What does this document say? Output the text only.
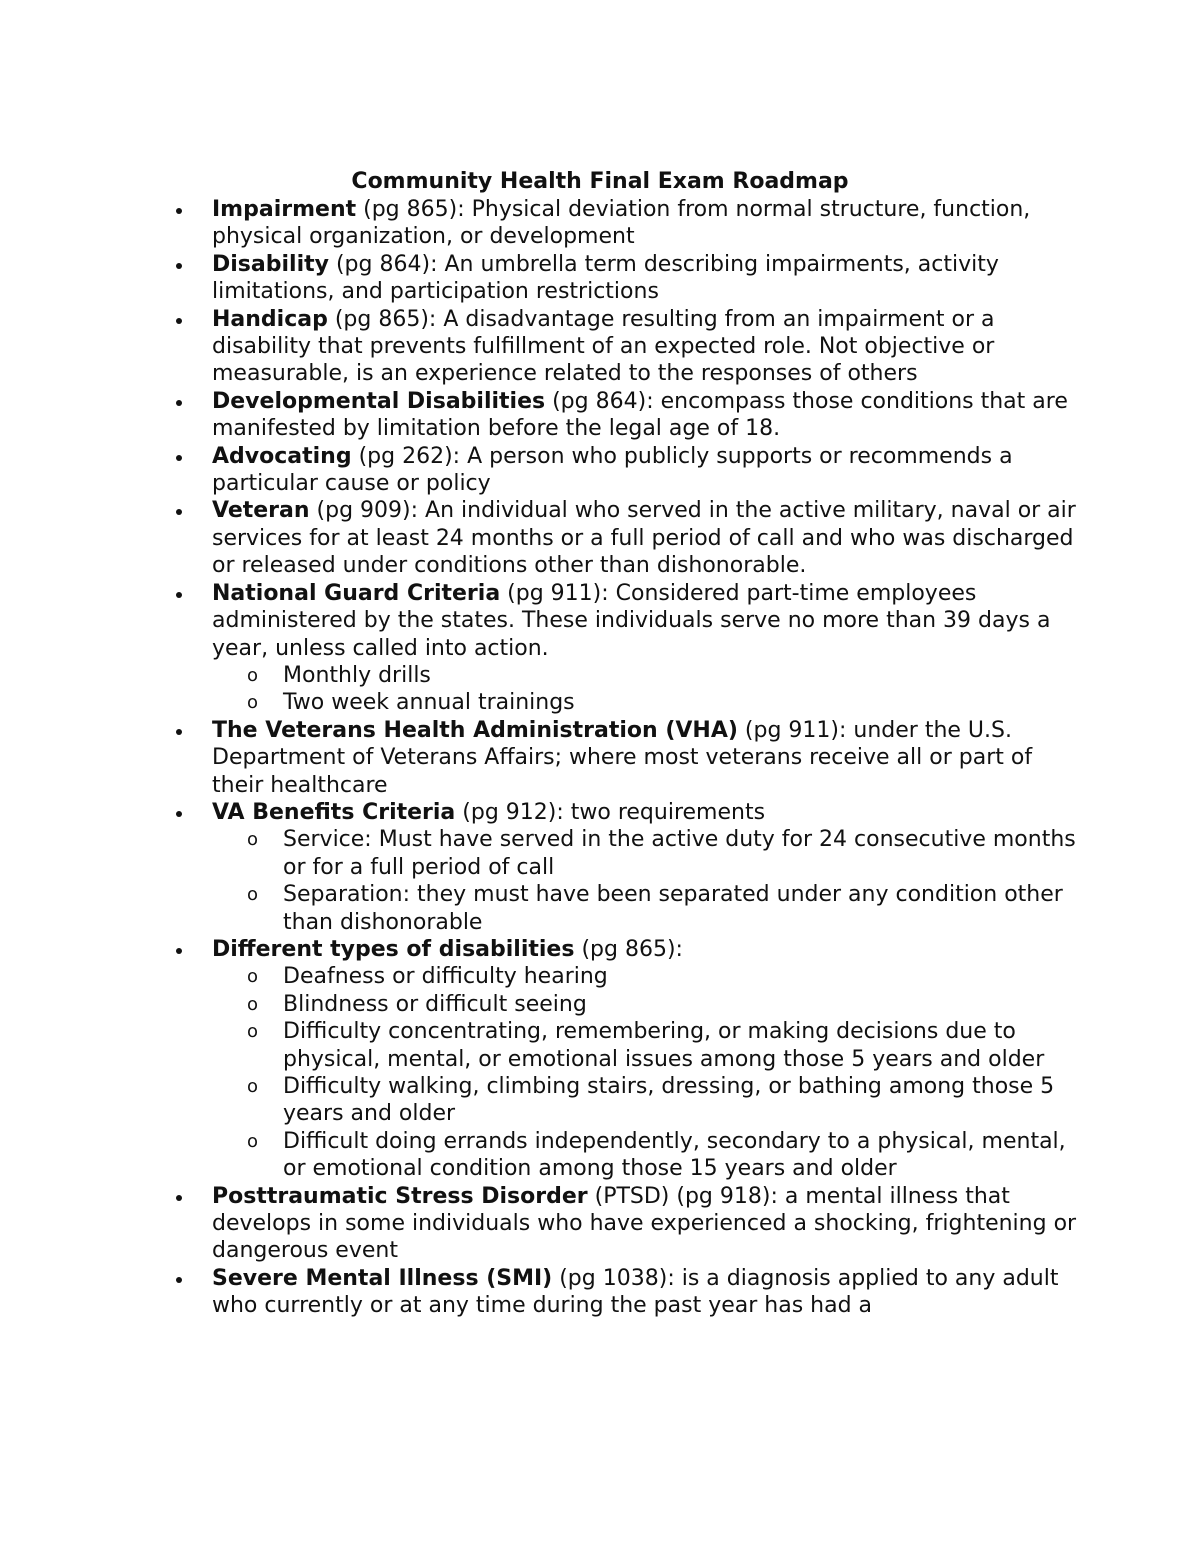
Community Health Final Exam Roadmap
Impairment (pg 865): Physical deviation from normal structure, function, physical organization, or development
Disability (pg 864): An umbrella term describing impairments, activity limitations, and participation restrictions
Handicap (pg 865): A disadvantage resulting from an impairment or a disability that prevents fulfillment of an expected role. Not objective or measurable, is an experience related to the responses of others
Developmental Disabilities (pg 864): encompass those conditions that are manifested by limitation before the legal age of 18.
Advocating (pg 262): A person who publicly supports or recommends a particular cause or policy
Veteran (pg 909): An individual who served in the active military, naval or air services for at least 24 months or a full period of call and who was discharged or released under conditions other than dishonorable.
National Guard Criteria (pg 911): Considered part-time employees administered by the states. These individuals serve no more than 39 days a year, unless called into action.
o Monthly drills
o Two week annual trainings
The Veterans Health Administration (VHA) (pg 911): under the U.S. Department of Veterans Affairs; where most veterans receive all or part of their healthcare
VA Benefits Criteria (pg 912): two requirements
o Service: Must have served in the active duty for 24 consecutive months or for a full period of call
o Separation: they must have been separated under any condition other than dishonorable
Different types of disabilities (pg 865):
o Deafness or difficulty hearing
o Blindness or difficult seeing
o Difficulty concentrating, remembering, or making decisions due to physical, mental, or emotional issues among those 5 years and older
o Difficulty walking, climbing stairs, dressing, or bathing among those 5 years and older
o Difficult doing errands independently, secondary to a physical, mental, or emotional condition among those 15 years and older
Posttraumatic Stress Disorder (PTSD) (pg 918): a mental illness that develops in some individuals who have experienced a shocking, frightening or dangerous event
Severe Mental Illness (SMI) (pg 1038): is a diagnosis applied to any adult who currently or at any time during the past year has had a
